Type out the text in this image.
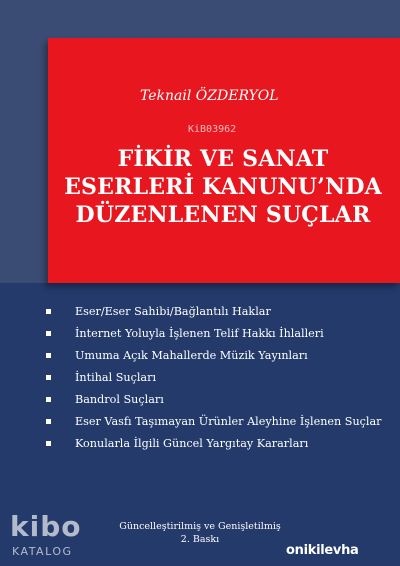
Teknail ÖZDERYOL
KiB03962
FİKİR VE SANAT
ESERLERİ KANUNU’NDA
DÜZENLENEN SUÇLAR
Eser/Eser Sahibi/Bağlantılı Haklar
İnternet Yoluyla İşlenen Telif Hakkı İhlalleri
Umuma Açık Mahallerde Müzik Yayınları
İntihal Suçları
Bandrol Suçları
Eser Vasfı Taşımayan Ürünler Aleyhine İşlenen Suçlar
Konularla İlgili Güncel Yargıtay Kararları
Güncelleştirilmiş ve Genişletilmiş
2. Baskı
kibo
KATALOG	onikilevha
